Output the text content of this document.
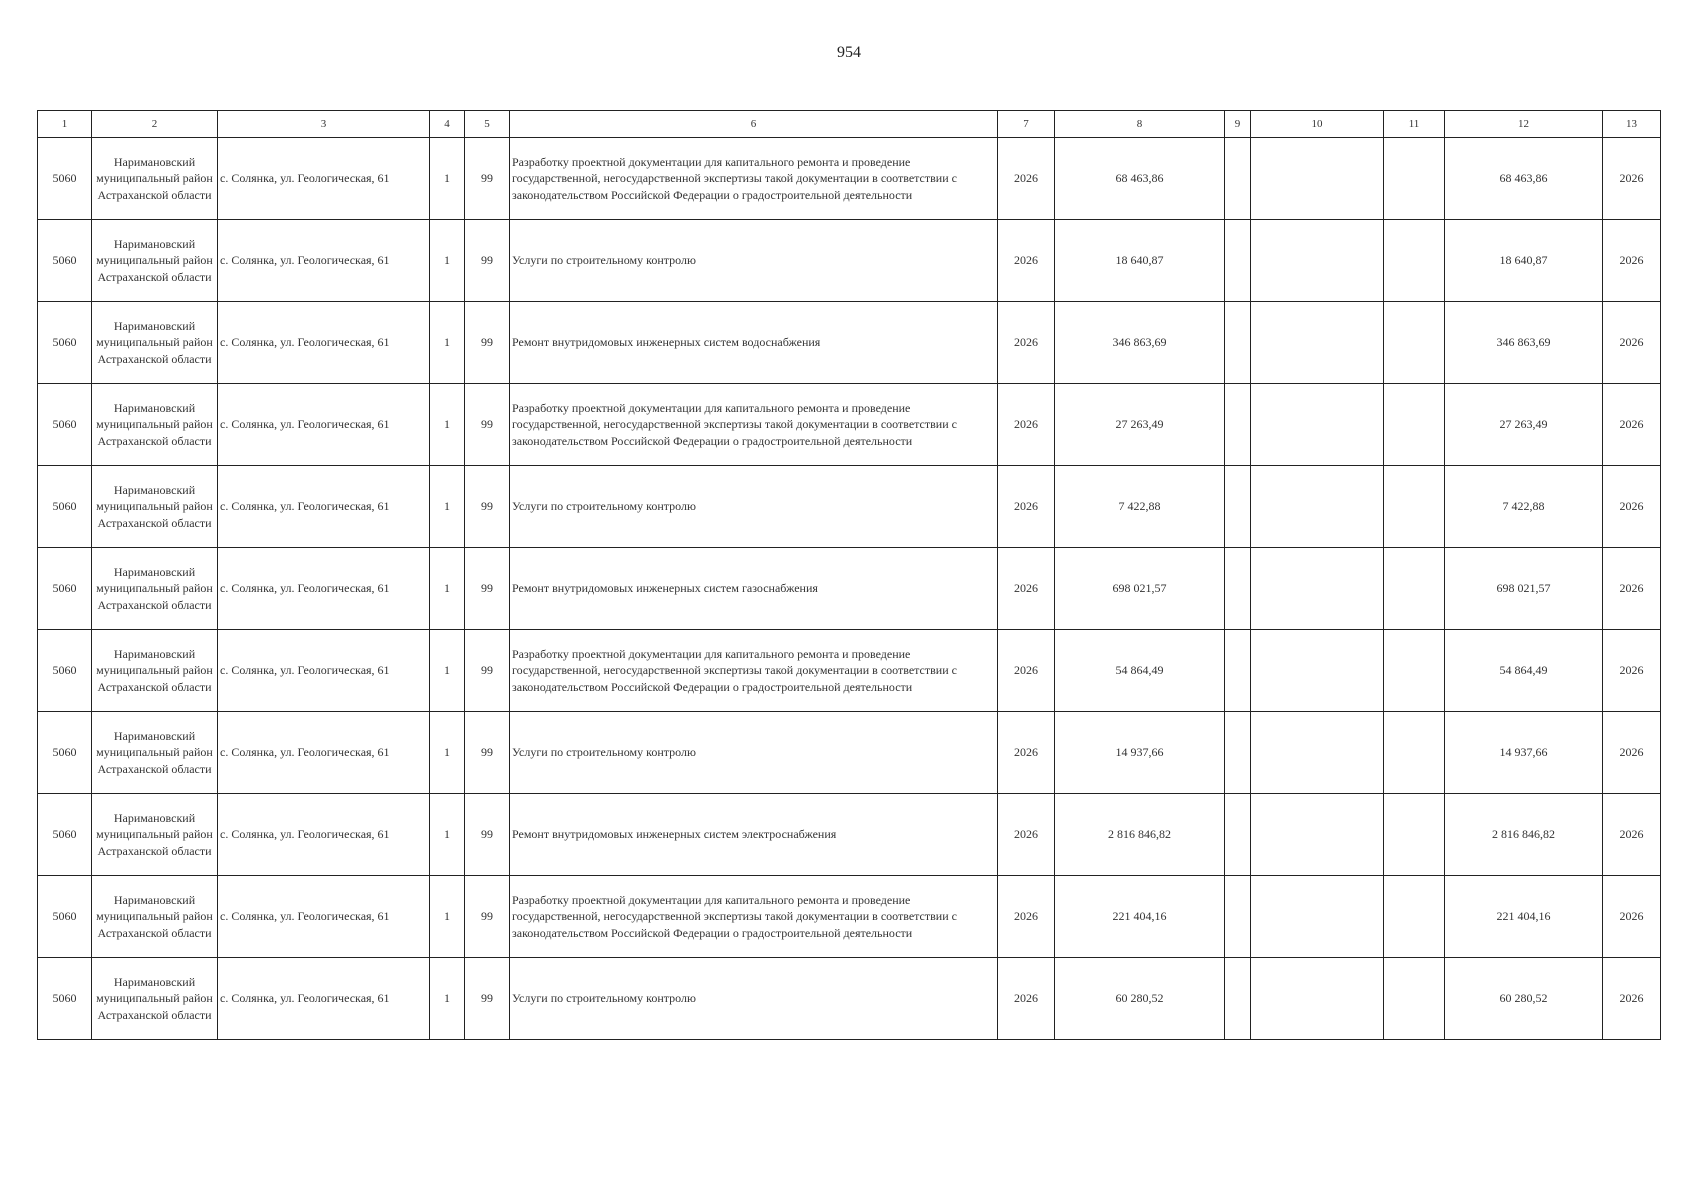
954
1	2	3	4	5	6	7	8	9	10	11	12	13
5060	Наримановский муниципальный район Астраханской области	с. Солянка, ул. Геологическая, 61	1	99	Разработку проектной документации для капитального ремонта и проведение государственной, негосударственной экспертизы такой документации в соответствии с законодательством Российской Федерации о градостроительной деятельности	2026	68 463,86				68 463,86	2026
5060	Наримановский муниципальный район Астраханской области	с. Солянка, ул. Геологическая, 61	1	99	Услуги по строительному контролю	2026	18 640,87				18 640,87	2026
5060	Наримановский муниципальный район Астраханской области	с. Солянка, ул. Геологическая, 61	1	99	Ремонт внутридомовых инженерных систем водоснабжения	2026	346 863,69				346 863,69	2026
5060	Наримановский муниципальный район Астраханской области	с. Солянка, ул. Геологическая, 61	1	99	Разработку проектной документации для капитального ремонта и проведение государственной, негосударственной экспертизы такой документации в соответствии с законодательством Российской Федерации о градостроительной деятельности	2026	27 263,49				27 263,49	2026
5060	Наримановский муниципальный район Астраханской области	с. Солянка, ул. Геологическая, 61	1	99	Услуги по строительному контролю	2026	7 422,88				7 422,88	2026
5060	Наримановский муниципальный район Астраханской области	с. Солянка, ул. Геологическая, 61	1	99	Ремонт внутридомовых инженерных систем газоснабжения	2026	698 021,57				698 021,57	2026
5060	Наримановский муниципальный район Астраханской области	с. Солянка, ул. Геологическая, 61	1	99	Разработку проектной документации для капитального ремонта и проведение государственной, негосударственной экспертизы такой документации в соответствии с законодательством Российской Федерации о градостроительной деятельности	2026	54 864,49				54 864,49	2026
5060	Наримановский муниципальный район Астраханской области	с. Солянка, ул. Геологическая, 61	1	99	Услуги по строительному контролю	2026	14 937,66				14 937,66	2026
5060	Наримановский муниципальный район Астраханской области	с. Солянка, ул. Геологическая, 61	1	99	Ремонт внутридомовых инженерных систем электроснабжения	2026	2 816 846,82				2 816 846,82	2026
5060	Наримановский муниципальный район Астраханской области	с. Солянка, ул. Геологическая, 61	1	99	Разработку проектной документации для капитального ремонта и проведение государственной, негосударственной экспертизы такой документации в соответствии с законодательством Российской Федерации о градостроительной деятельности	2026	221 404,16				221 404,16	2026
5060	Наримановский муниципальный район Астраханской области	с. Солянка, ул. Геологическая, 61	1	99	Услуги по строительному контролю	2026	60 280,52				60 280,52	2026
